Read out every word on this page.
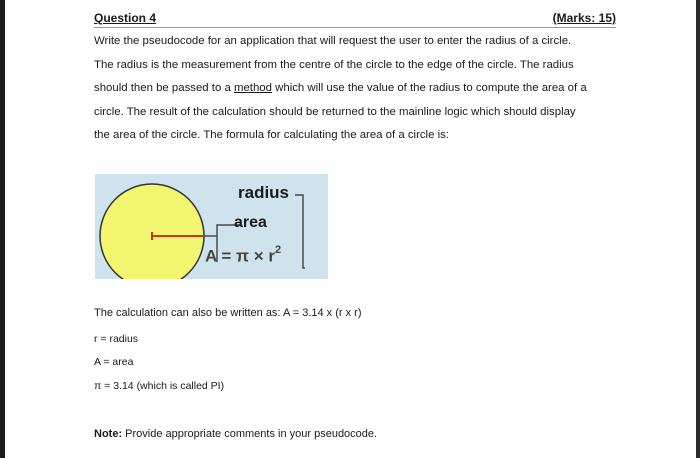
Question 4	(Marks: 15)
Write the pseudocode for an application that will request the user to enter the radius of a circle.
The radius is the measurement from the centre of the circle to the edge of the circle. The radius
should then be passed to a method which will use the value of the radius to compute the area of a
circle. The result of the calculation should be returned to the mainline logic which should display
the area of the circle. The formula for calculating the area of a circle is:
radius
area
$A = \pi \times r^2$
The calculation can also be written as: A = 3.14 x (r x r)
r = radius
A = area
π = 3.14 (which is called PI)
Note: Provide appropriate comments in your pseudocode.
